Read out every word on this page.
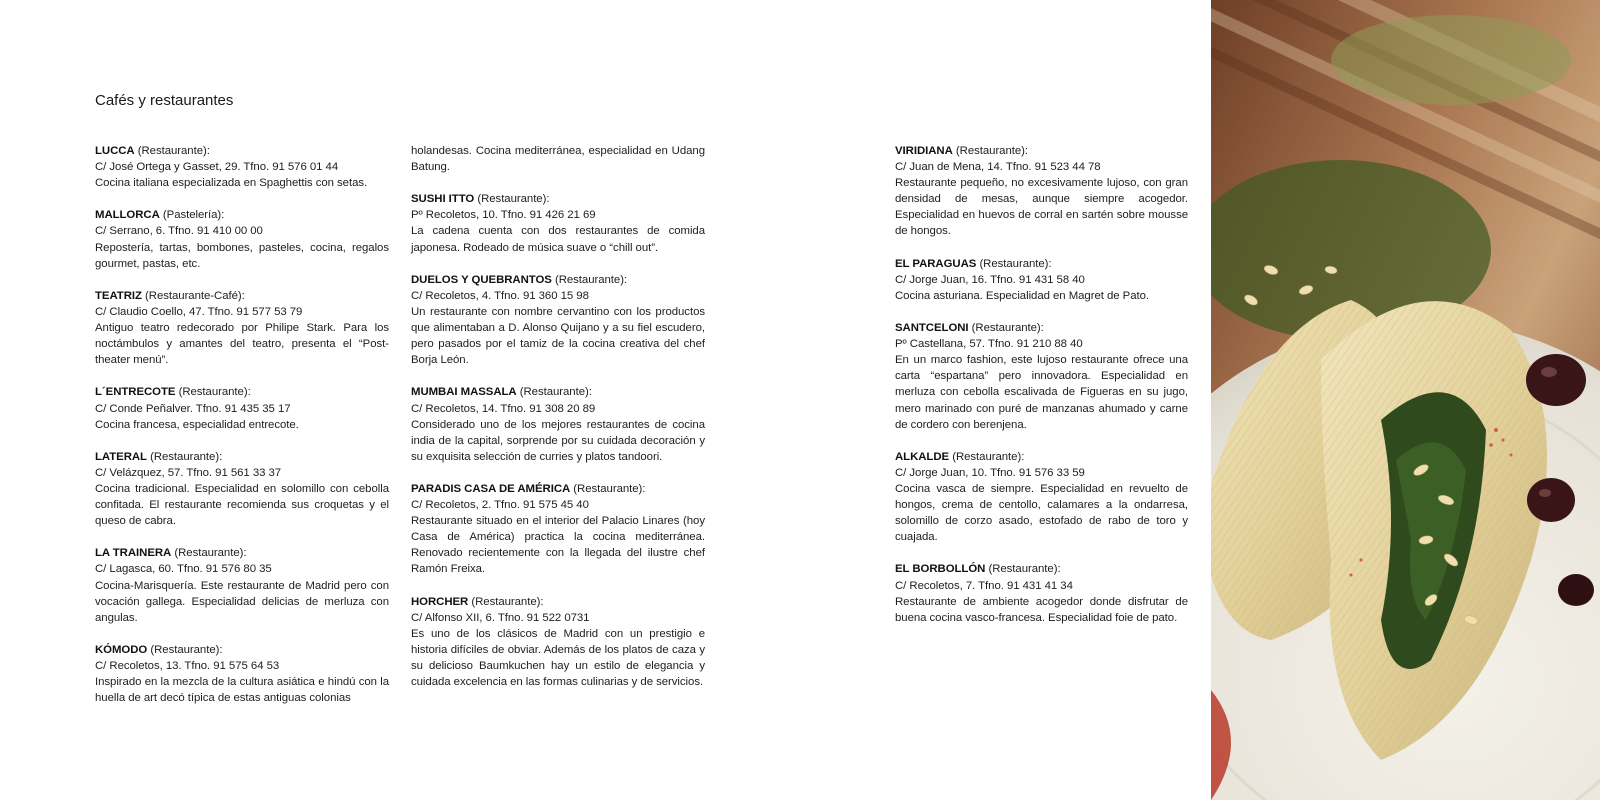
Cafés y restaurantes

LUCCA (Restaurante):

C/ José Ortega y Gasset, 29. Tfno. 91 576 01 44

Cocina italiana especializada en Spaghettis con setas.

MALLORCA (Pastelería):

C/ Serrano, 6. Tfno. 91 410 00 00

Repostería, tartas, bombones, pasteles, cocina, regalos gourmet, pastas, etc.

TEATRIZ (Restaurante-Café):

C/ Claudio Coello, 47. Tfno. 91 577 53 79

Antiguo teatro redecorado por Philipe Stark. Para los noctámbulos y amantes del teatro, presenta el “Post-theater menú”.

L´ENTRECOTE (Restaurante):

C/ Conde Peñalver. Tfno. 91 435 35 17

Cocina francesa, especialidad entrecote.

LATERAL (Restaurante):

C/ Velázquez, 57. Tfno. 91 561 33 37

Cocina tradicional. Especialidad en solomillo con cebolla confitada. El restaurante recomienda sus croquetas y el queso de cabra.

LA TRAINERA (Restaurante):

C/ Lagasca, 60. Tfno. 91 576 80 35

Cocina-Marisquería. Este restaurante de Madrid pero con vocación gallega. Especialidad delicias de merluza con angulas.

KÓMODO (Restaurante):

C/ Recoletos, 13. Tfno. 91 575 64 53

Inspirado en la mezcla de la cultura asiática e hindú con la huella de art decó típica de estas antiguas colonias

holandesas. Cocina mediterránea, especialidad en Udang Batung.

SUSHI ITTO (Restaurante):

Pº Recoletos, 10. Tfno. 91 426 21 69

La cadena cuenta con dos restaurantes de comida japonesa. Rodeado de música suave o “chill out”.

DUELOS Y QUEBRANTOS (Restaurante):

C/ Recoletos, 4. Tfno. 91 360 15 98

Un restaurante con nombre cervantino con los productos que alimentaban a D. Alonso Quijano y a su fiel escudero, pero pasados por el tamiz de la cocina creativa del chef Borja León.

MUMBAI MASSALA (Restaurante):

C/ Recoletos, 14. Tfno. 91 308 20 89

Considerado uno de los mejores restaurantes de cocina india de la capital, sorprende por su cuidada decoración y su exquisita selección de curries y platos tandoori.

PARADIS CASA DE AMÉRICA (Restaurante):

C/ Recoletos, 2. Tfno. 91 575 45 40

Restaurante situado en el interior del Palacio Linares (hoy Casa de América) practica la cocina mediterránea. Renovado recientemente con la llegada del ilustre chef Ramón Freixa.

HORCHER (Restaurante):

C/ Alfonso XII, 6. Tfno. 91 522 0731

Es uno de los clásicos de Madrid con un prestigio e historia difíciles de obviar. Además de los platos de caza y su delicioso Baumkuchen hay un estilo de elegancia y cuidada excelencia en las formas culinarias y de servicios.

VIRIDIANA (Restaurante):

C/ Juan de Mena, 14. Tfno. 91 523 44 78

Restaurante pequeño, no excesivamente lujoso, con gran densidad de mesas, aunque siempre acogedor. Especialidad en huevos de corral en sartén sobre mousse de hongos.

EL PARAGUAS (Restaurante):

C/ Jorge Juan, 16. Tfno. 91 431 58 40

Cocina asturiana. Especialidad en Magret de Pato.

SANTCELONI (Restaurante):

Pº Castellana, 57. Tfno. 91 210 88 40

En un marco fashion, este lujoso restaurante ofrece una carta “espartana” pero innovadora. Especialidad en merluza con cebolla escalivada de Figueras en su jugo, mero marinado con puré de manzanas ahumado y carne de cordero con berenjena.

ALKALDE (Restaurante):

C/ Jorge Juan, 10. Tfno. 91 576 33 59

Cocina vasca de siempre. Especialidad en revuelto de hongos, crema de centollo, calamares a la ondarresa, solomillo de corzo asado, estofado de rabo de toro y cuajada.

EL BORBOLLÓN (Restaurante):

C/ Recoletos, 7. Tfno. 91 431 41 34

Restaurante de ambiente acogedor donde disfrutar de buena cocina vasco-francesa. Especialidad foie de pato.
